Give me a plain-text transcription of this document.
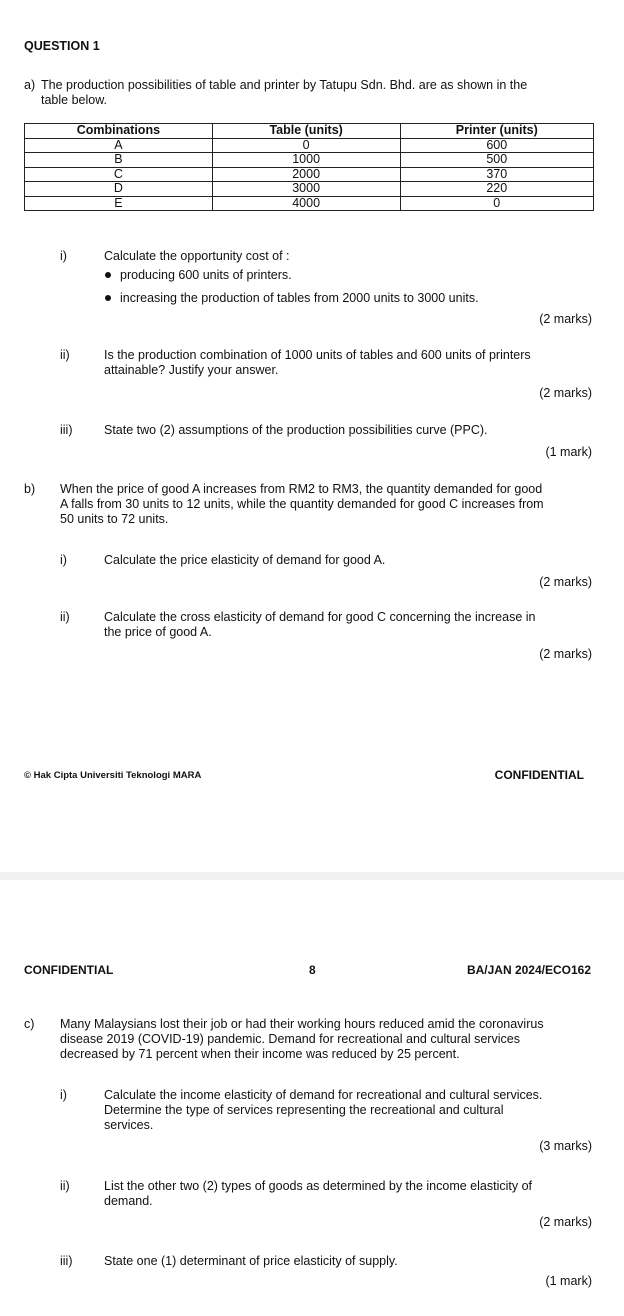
QUESTION 1
a) The production possibilities of table and printer by Tatupu Sdn. Bhd. are as shown in the
table below.
Combinations	Table (units)	Printer (units)
A	0	600
B	1000	500
C	2000	370
D	3000	220
E	4000	0
i)	Calculate the opportunity cost of :
producing 600 units of printers.
increasing the production of tables from 2000 units to 3000 units.
(2 marks)
ii)	Is the production combination of 1000 units of tables and 600 units of printers
attainable? Justify your answer.
(2 marks)
iii)	State two (2) assumptions of the production possibilities curve (PPC).
(1 mark)
b) When the price of good A increases from RM2 to RM3, the quantity demanded for good
A falls from 30 units to 12 units, while the quantity demanded for good C increases from
50 units to 72 units.
i)	Calculate the price elasticity of demand for good A.
(2 marks)
ii)	Calculate the cross elasticity of demand for good C concerning the increase in
the price of good A.
(2 marks)
© Hak Cipta Universiti Teknologi MARA	CONFIDENTIAL
CONFIDENTIAL	8	BA/JAN 2024/ECO162
c) Many Malaysians lost their job or had their working hours reduced amid the coronavirus
disease 2019 (COVID-19) pandemic. Demand for recreational and cultural services
decreased by 71 percent when their income was reduced by 25 percent.
i)	Calculate the income elasticity of demand for recreational and cultural services.
Determine the type of services representing the recreational and cultural
services.
(3 marks)
ii)	List the other two (2) types of goods as determined by the income elasticity of
demand.
(2 marks)
iii)	State one (1) determinant of price elasticity of supply.
(1 mark)
